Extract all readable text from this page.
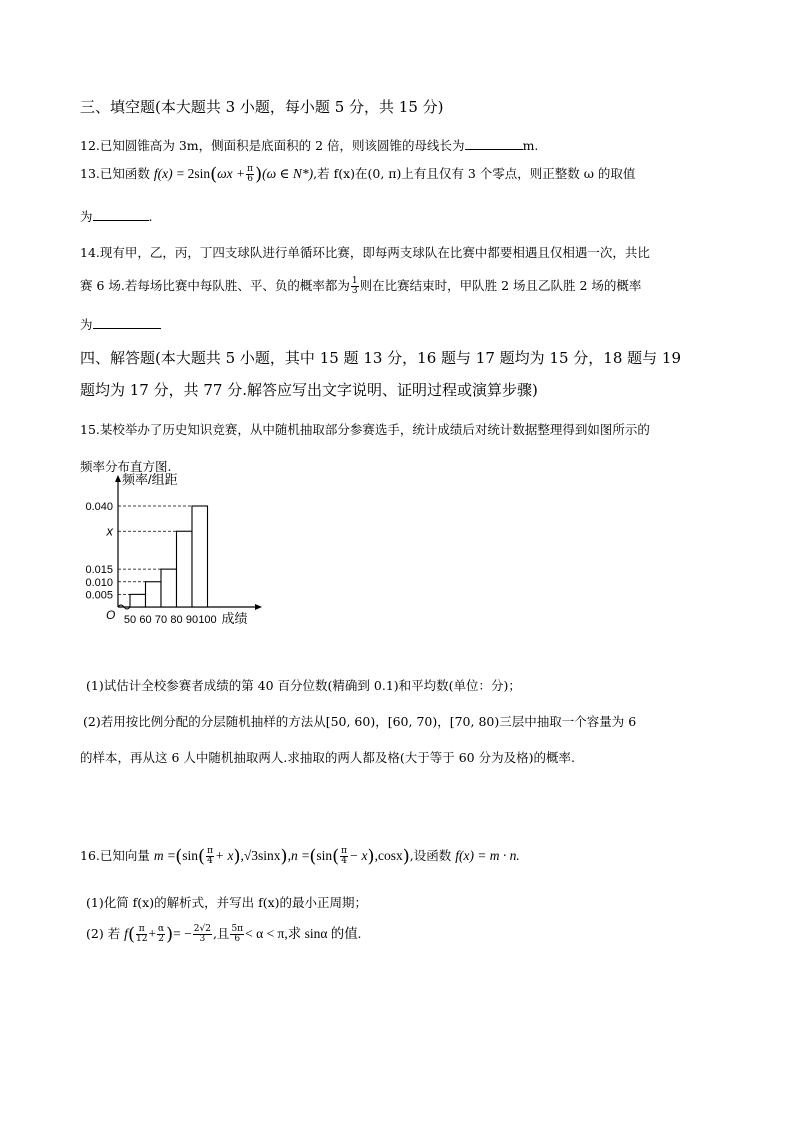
三、填空题(本大题共 3 小题，每小题 5 分，共 15 分)
12.已知圆锥高为 3m，侧面积是底面积的 2 倍，则该圆锥的母线长为	m.
13.已知函数 $f(x) = 2\sin(\omega x + \frac{\pi}{6} )(\omega$ ∈ N*),若 f(x)在(0, π)上有且仅有 3 个零点，则正整数 ω 的取值
为	.
14.现有甲，乙，丙，丁四支球队进行单循环比赛，即每两支球队在比赛中都要相遇且仅相遇一次，共比
赛 6 场.若每场比赛中每队胜、平、负的概率都为 $\frac{1}{3}$ 则在比赛结束时，甲队胜 2 场且乙队胜 2 场的概率
为
四、解答题(本大题共 5 小题，其中 15 题 13 分，16 题与 17 题均为 15 分，18 题与 19
题均为 17 分，共 77 分.解答应写出文字说明、证明过程或演算步骤)
15.某校举办了历史知识竞赛，从中随机抽取部分参赛选手，统计成绩后对统计数据整理得到如图所示的
频率分布直方图.
0.005
0.010
0.015
x
0.040
50 60 70 80 90 100
O
频率/组距
成绩
(1)试估计全校参赛者成绩的第 40 百分位数(精确到 0.1)和平均数(单位：分)；
(2)若用按比例分配的分层随机抽样的方法从[50, 60)，[60, 70)，[70, 80)三层中抽取一个容量为 6
的样本，再从这 6 人中随机抽取两人.求抽取的两人都及格(大于等于 60 分为及格)的概率.
16.已知向量 $m =(\sin( \frac{\pi}{4} + x),√3\sin x),n =(\sin( \frac{\pi}{4} - x),\cos x)$,设函数 f(x) = m · n.
(1)化简 f(x)的解析式，并写出 f(x)的最小正周期；
(2) 若 $f( \frac{\pi}{12} + \frac{\alpha}{2}$ )= − $\frac{2√2}{3}$ ,且 $\frac{5\pi}{6} < \alpha < \pi$,求 sinα 的值.
